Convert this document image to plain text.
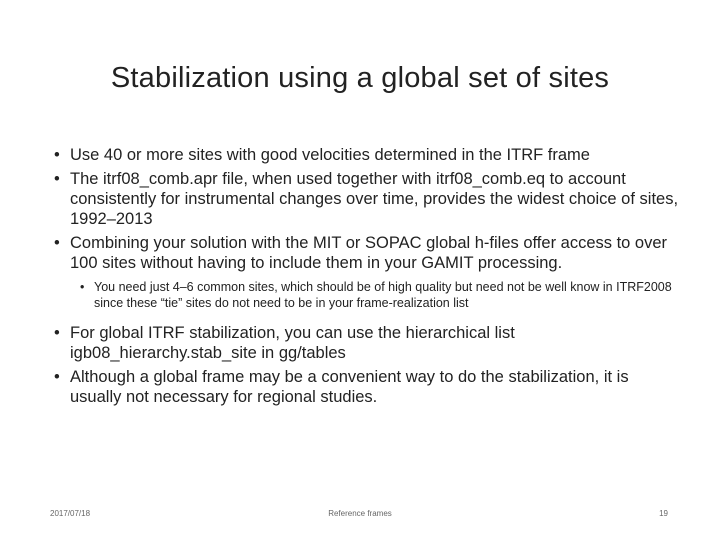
Stabilization using a global set of sites
• Use 40 or more sites with good velocities determined in the ITRF frame
• The itrf08_comb.apr file, when used together with itrf08_comb.eq to account consistently for instrumental changes over time, provides the widest choice of sites, 1992–2013
• Combining your solution with the MIT or SOPAC global h-files offer access to over 100 sites without having to include them in your GAMIT processing.
• You need just 4–6 common sites, which should be of high quality but need not be well know in ITRF2008 since these “tie” sites do not need to be in your frame-realization list
• For global ITRF stabilization, you can use the hierarchical list igb08_hierarchy.stab_site in gg/tables
• Although a global frame may be a convenient way to do the stabilization, it is usually not necessary for regional studies.
2017/07/18	Reference frames	19
